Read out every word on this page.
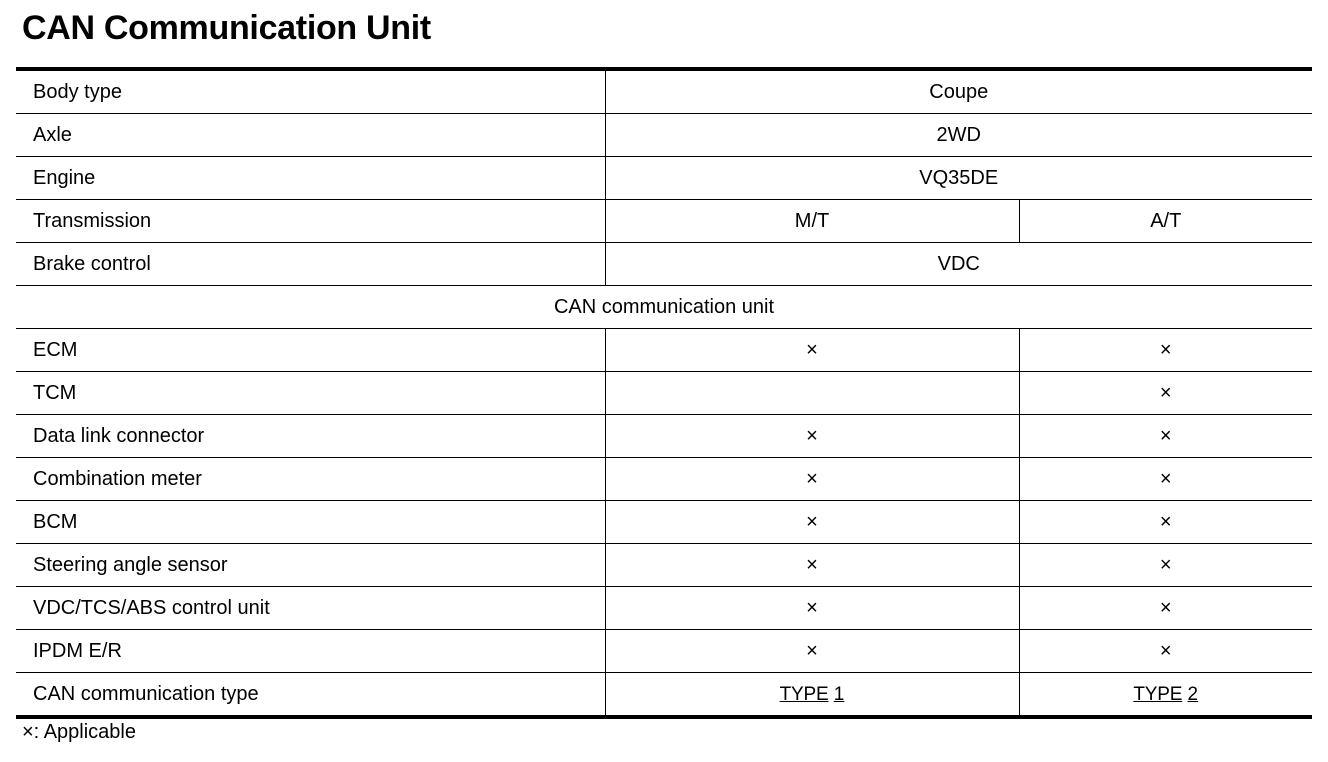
CAN Communication Unit
Body type	Coupe	
Axle	2WD	
Engine	VQ35DE	
Transmission	M/T	A/T
Brake control	VDC	
CAN communication unit		
ECM	×	×
TCM		×
Data link connector	×	×
Combination meter	×	×
BCM	×	×
Steering angle sensor	×	×
VDC/TCS/ABS control unit	×	×
IPDM E/R	×	×
CAN communication type	TYPE 1	TYPE 2
×: Applicable
